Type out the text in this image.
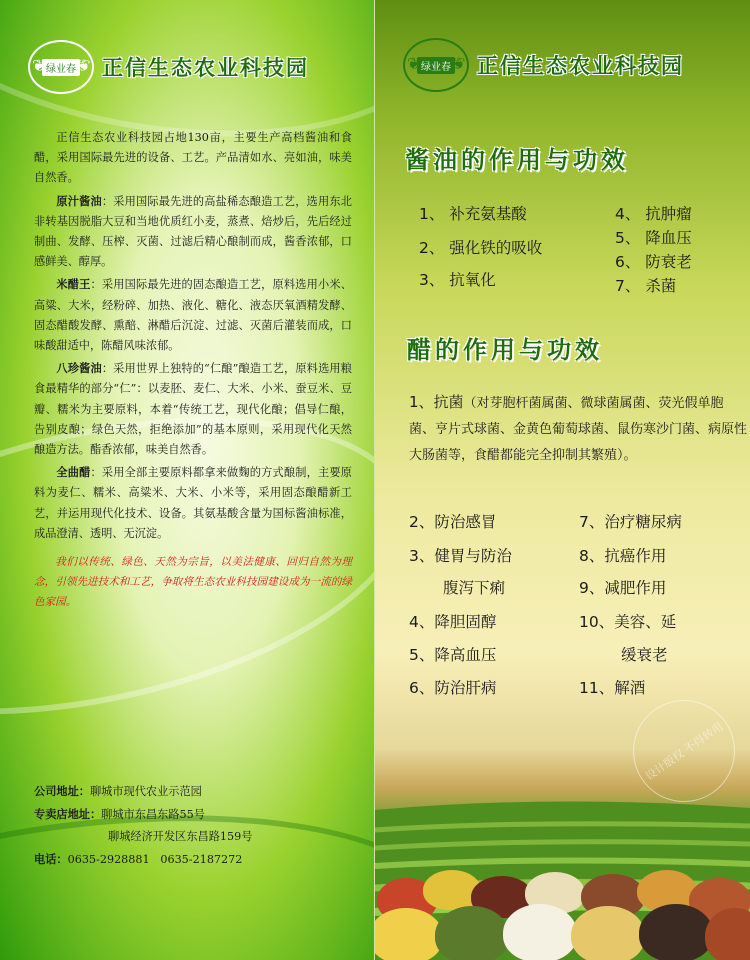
❦ 绿业春 ❦ 正信生态农业科技园

正信生态农业科技园占地130亩，主要生产高档酱油和食醋，采用国际最先进的设备、工艺。产品清如水、亮如油，味美自然香。

原汁酱油：采用国际最先进的高盐稀态酿造工艺，选用东北非转基因脱脂大豆和当地优质红小麦，蒸煮、焙炒后，先后经过制曲、发酵、压榨、灭菌、过滤后精心酿制而成，酱香浓郁，口感鲜美、醇厚。

米醋王：采用国际最先进的固态酿造工艺，原料选用小米、高粱、大米，经粉碎、加热、液化、糖化、液态厌氧酒精发酵、固态醋酸发酵、熏醅、淋醋后沉淀、过滤、灭菌后灌装而成，口味酸甜适中，陈醋风味浓郁。

八珍酱油：采用世界上独特的“仁酿”酿造工艺，原料选用粮食最精华的部分“仁”：以麦胚、麦仁、大米、小米、蚕豆米、豆瓣、糯米为主要原料，本着“传统工艺，现代化酿；倡导仁酿，告别皮酿；绿色天然，拒绝添加”的基本原则，采用现代化天然酿造方法。酯香浓郁，味美自然香。

全曲醋：采用全部主要原料都拿来做麴的方式酿制，主要原料为麦仁、糯米、高粱米、大米、小米等，采用固态酿醋新工艺，并运用现代化技术、设备。其氨基酸含量为国标酱油标准，成品澄清、透明、无沉淀。

我们以传统、绿色、天然为宗旨，以美法健康、回归自然为理念，引领先进技术和工艺，争取将生态农业科技园建设成为一流的绿色家园。

公司地址：聊城市现代农业示范园
专卖店地址：聊城市东昌东路55号
聊城经济开发区东昌路159号
电话：0635-2928881 0635-2187272
❦ 绿业春 ❦ 正信生态农业科技园
酱油的作用与功效
1、 补充氨基酸
2、 强化铁的吸收
3、 抗氧化
4、 抗肿瘤
5、 降血压
6、 防衰老
7、 杀菌
醋的作用与功效
1、抗菌（对芽胞杆菌属菌、微球菌属菌、荧光假单胞菌、亨片式球菌、金黄色葡萄球菌、鼠伤寒沙门菌、病原性大肠菌等，食醋都能完全抑制其繁殖）。
2、防治感冒
3、健胃与防治
腹泻下痢
4、降胆固醇
5、降高血压
6、防治肝病
7、治疗糖尿病
8、抗癌作用
9、减肥作用
10、美容、延
缓衰老
11、解酒
设计版权 不得转用
